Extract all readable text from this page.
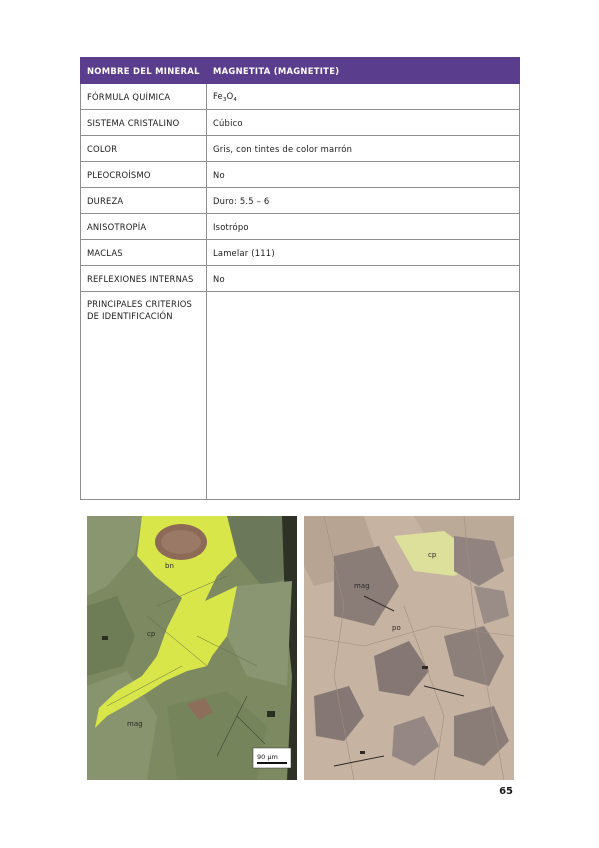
NOMBRE DEL MINERAL	MAGNETITA (MAGNETITE)
FÓRMULA QUÍMICA	$Fe_3O_4$
SISTEMA CRISTALINO	Cúbico
COLOR	Gris, con tintes de color marrón
PLEOCROÍSMO	No
DUREZA	Duro: 5.5 – 6
ANISOTROPÍA	Isotrópo
MACLAS	Lamelar (111)
REFLEXIONES INTERNAS	No

PRINCIPALES CRITERIOS
DE IDENTIFICACIÓN	

bn
cp
mag
90 µm
cp
mag
po
65
